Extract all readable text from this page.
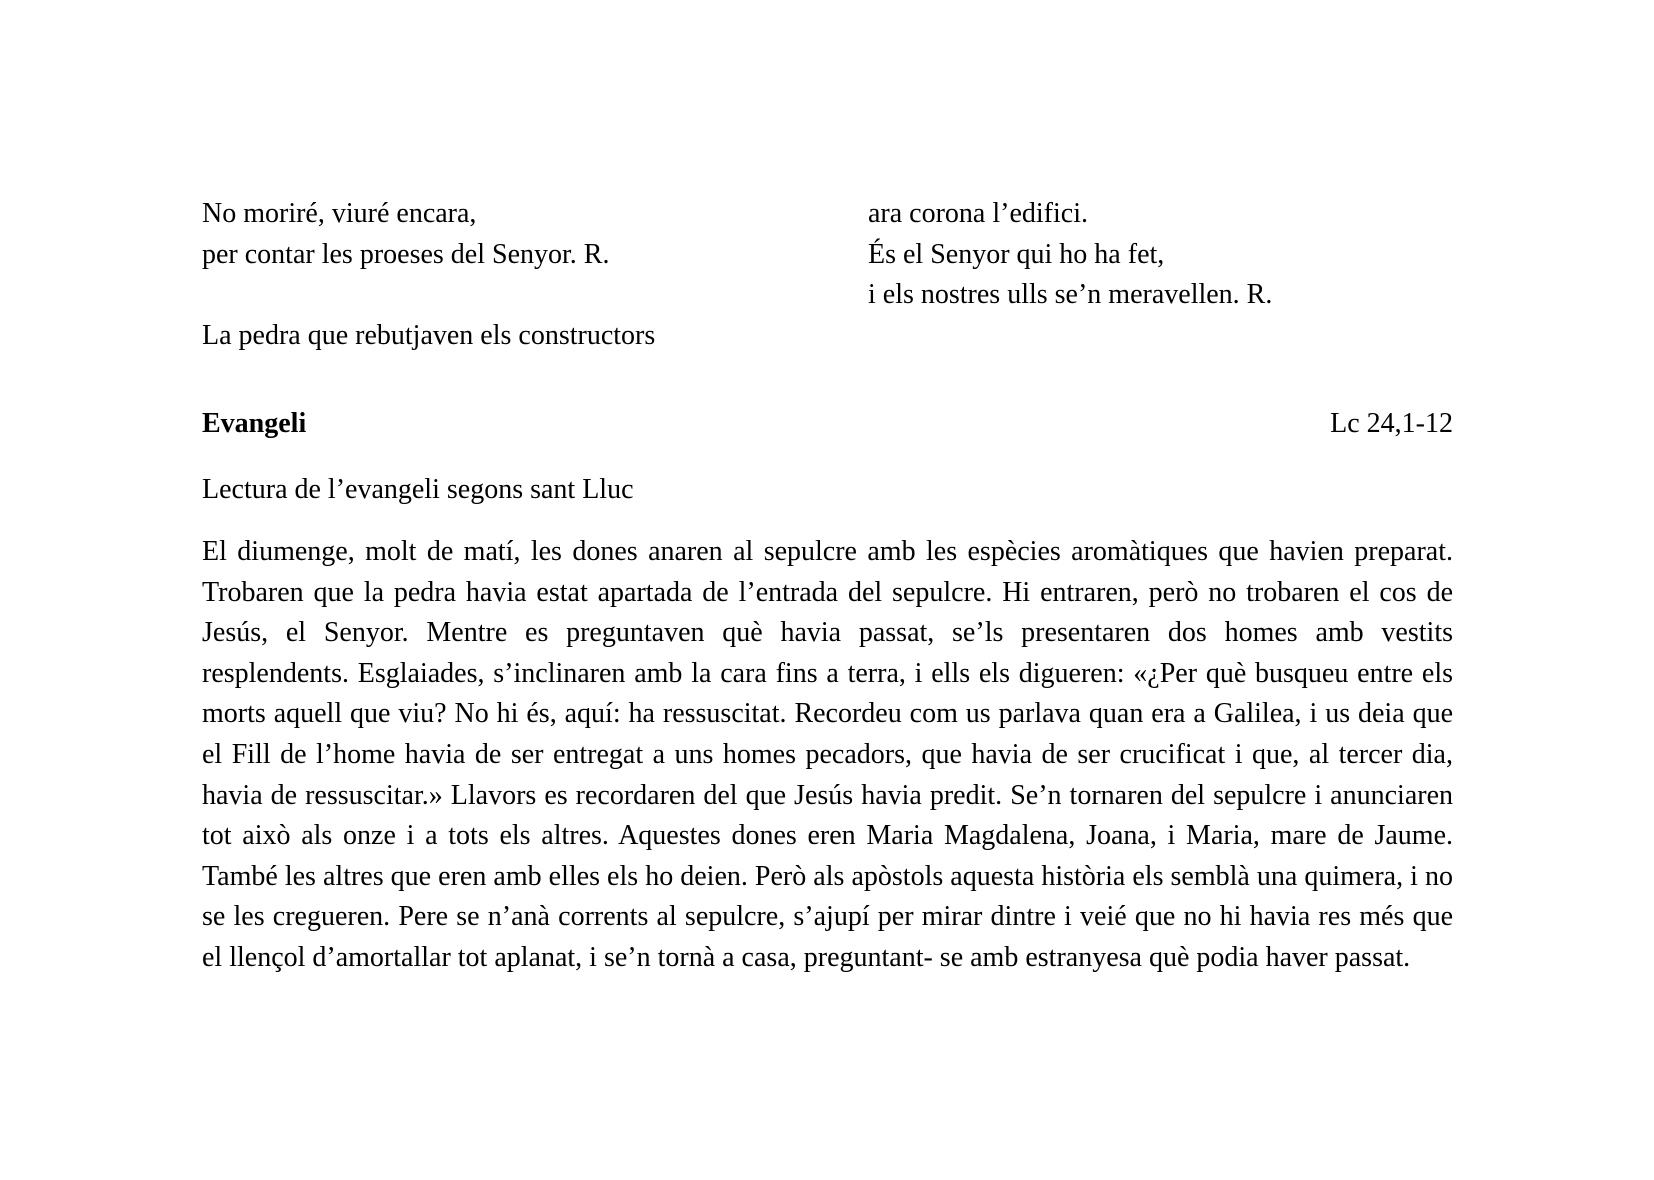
No moriré, viuré encara,
per contar les proeses del Senyor. R.
ara corona l’edifici.
És el Senyor qui ho ha fet,
i els nostres ulls se’n meravellen. R.
La pedra que rebutjaven els constructors
Evangeli	Lc 24,1-12
Lectura de l’evangeli segons sant Lluc
El diumenge, molt de matí, les dones anaren al sepulcre amb les espècies aromàtiques que havien preparat. Trobaren que la pedra havia estat apartada de l’entrada del sepulcre. Hi entraren, però no trobaren el cos de Jesús, el Senyor. Mentre es preguntaven què havia passat, se’ls presentaren dos homes amb vestits resplendents. Esglaiades, s’inclinaren amb la cara fins a terra, i ells els digueren: «¿Per què busqueu entre els morts aquell que viu? No hi és, aquí: ha ressuscitat. Recordeu com us parlava quan era a Galilea, i us deia que el Fill de l’home havia de ser entregat a uns homes pecadors, que havia de ser crucificat i que, al tercer dia, havia de ressuscitar.» Llavors es recordaren del que Jesús havia predit. Se’n tornaren del sepulcre i anunciaren tot això als onze i a tots els altres. Aquestes dones eren Maria Magdalena, Joana, i Maria, mare de Jaume. També les altres que eren amb elles els ho deien. Però als apòstols aquesta història els semblà una quimera, i no se les cregueren. Pere se n’anà corrents al sepulcre, s’ajupí per mirar dintre i veié que no hi havia res més que el llençol d’amortallar tot aplanat, i se’n tornà a casa, preguntant- se amb estranyesa què podia haver passat.
